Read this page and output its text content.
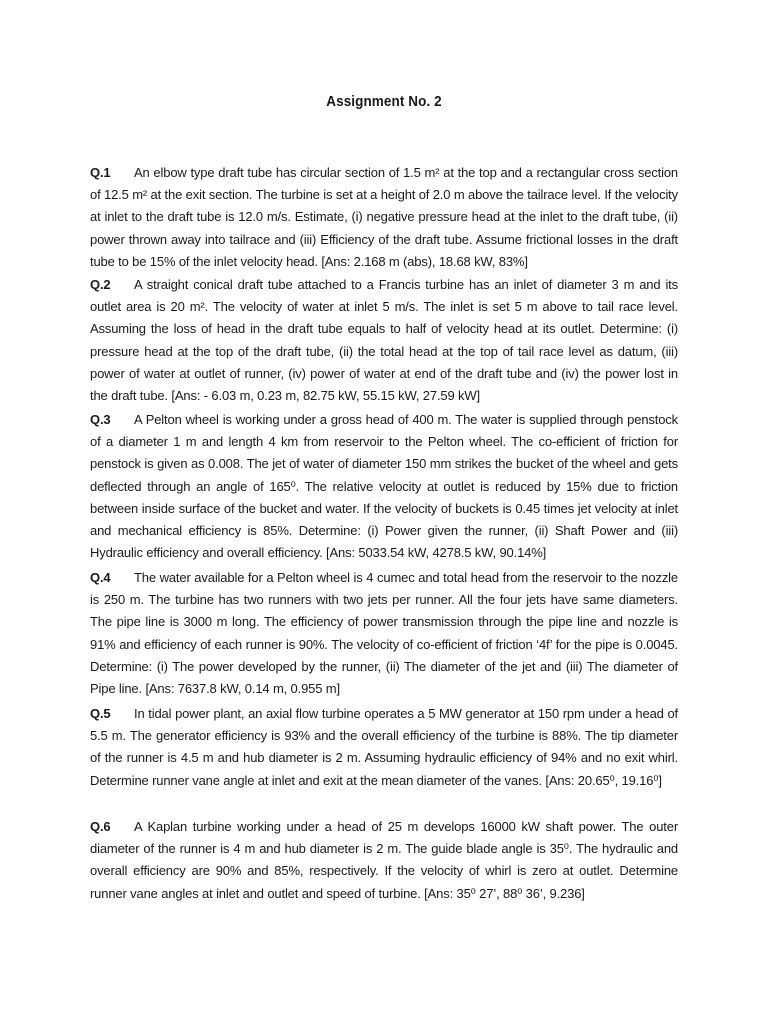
Assignment No. 2
Q.1 An elbow type draft tube has circular section of 1.5 m² at the top and a rectangular cross section of 12.5 m² at the exit section. The turbine is set at a height of 2.0 m above the tailrace level. If the velocity at inlet to the draft tube is 12.0 m/s. Estimate, (i) negative pressure head at the inlet to the draft tube, (ii) power thrown away into tailrace and (iii) Efficiency of the draft tube. Assume frictional losses in the draft tube to be 15% of the inlet velocity head. [Ans: 2.168 m (abs), 18.68 kW, 83%]
Q.2 A straight conical draft tube attached to a Francis turbine has an inlet of diameter 3 m and its outlet area is 20 m². The velocity of water at inlet 5 m/s. The inlet is set 5 m above to tail race level. Assuming the loss of head in the draft tube equals to half of velocity head at its outlet. Determine: (i) pressure head at the top of the draft tube, (ii) the total head at the top of tail race level as datum, (iii) power of water at outlet of runner, (iv) power of water at end of the draft tube and (iv) the power lost in the draft tube. [Ans: - 6.03 m, 0.23 m, 82.75 kW, 55.15 kW, 27.59 kW]
Q.3 A Pelton wheel is working under a gross head of 400 m. The water is supplied through penstock of a diameter 1 m and length 4 km from reservoir to the Pelton wheel. The co-efficient of friction for penstock is given as 0.008. The jet of water of diameter 150 mm strikes the bucket of the wheel and gets deflected through an angle of 165⁰. The relative velocity at outlet is reduced by 15% due to friction between inside surface of the bucket and water. If the velocity of buckets is 0.45 times jet velocity at inlet and mechanical efficiency is 85%. Determine: (i) Power given the runner, (ii) Shaft Power and (iii) Hydraulic efficiency and overall efficiency. [Ans: 5033.54 kW, 4278.5 kW, 90.14%]
Q.4 The water available for a Pelton wheel is 4 cumec and total head from the reservoir to the nozzle is 250 m. The turbine has two runners with two jets per runner. All the four jets have same diameters. The pipe line is 3000 m long. The efficiency of power transmission through the pipe line and nozzle is 91% and efficiency of each runner is 90%. The velocity of co-efficient of friction ‘4f’ for the pipe is 0.0045. Determine: (i) The power developed by the runner, (ii) The diameter of the jet and (iii) The diameter of Pipe line. [Ans: 7637.8 kW, 0.14 m, 0.955 m]
Q.5 In tidal power plant, an axial flow turbine operates a 5 MW generator at 150 rpm under a head of 5.5 m. The generator efficiency is 93% and the overall efficiency of the turbine is 88%. The tip diameter of the runner is 4.5 m and hub diameter is 2 m. Assuming hydraulic efficiency of 94% and no exit whirl. Determine runner vane angle at inlet and exit at the mean diameter of the vanes. [Ans: 20.65⁰, 19.16⁰]
Q.6 A Kaplan turbine working under a head of 25 m develops 16000 kW shaft power. The outer diameter of the runner is 4 m and hub diameter is 2 m. The guide blade angle is 35⁰. The hydraulic and overall efficiency are 90% and 85%, respectively. If the velocity of whirl is zero at outlet. Determine runner vane angles at inlet and outlet and speed of turbine. [Ans: 35⁰ 27’, 88⁰ 36’, 9.236]
